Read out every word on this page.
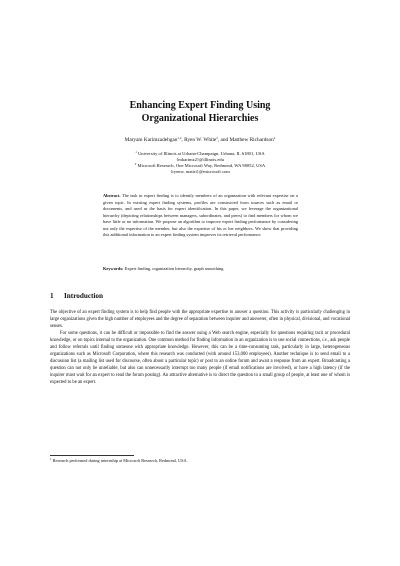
Enhancing Expert Finding Using
Organizational Hierarchies
Maryam Karimzadehgan$^{1,2}$, Ryen W. White$^2$, and Matthew Richardson$^2$
$^1$ University of Illinois at Urbana-Champaign, Urbana, IL 61801, USA
{mkarimz2}@illinois.edu
$^2$ Microsoft Research, One Microsoft Way, Redmond, WA 98052, USA
{ryenw, mattri}@microsoft.com
Abstract. The task in expert finding is to identify members of an organization with relevant expertise on a given topic. In existing expert finding systems, profiles are constructed from sources such as email or documents, and used as the basis for expert identification. In this paper, we leverage the organizational hierarchy (depicting relationships between managers, subordinates, and peers) to find members for whom we have little or no information. We propose an algorithm to improve expert finding performance by considering not only the expertise of the member, but also the expertise of his or her neighbors. We show that providing this additional information to an expert finding system improves its retrieval performance.
Keywords: Expert finding, organization hierarchy, graph smoothing.
1 Introduction

The objective of an expert finding system is to help find people with the appropriate expertise to answer a question. This activity is particularly challenging in large organizations given the high number of employees and the degree of separation between inquirer and answerer, often in physical, divisional, and vocational senses.

For some questions, it can be difficult or impossible to find the answer using a Web search engine, especially for questions requiring tacit or procedural knowledge, or on topics internal to the organization. One common method for finding information in an organization is to use social connections, i.e., ask people and follow referrals until finding someone with appropriate knowledge. However, this can be a time-consuming task, particularly in large, heterogeneous organizations such as Microsoft Corporation, where this research was conducted (with around 153,000 employees). Another technique is to send email to a discussion list (a mailing list used for discourse, often about a particular topic) or post to an online forum and await a response from an expert. Broadcasting a question can not only be unreliable, but also can unnecessarily interrupt too many people (if email notifications are involved), or have a high latency (if the inquirer must wait for an expert to read the forum posting). An attractive alternative is to direct the question to a small group of people, at least one of whom is expected to be an expert.

$^1$ Research performed during internship at Microsoft Research, Redmond, USA.
